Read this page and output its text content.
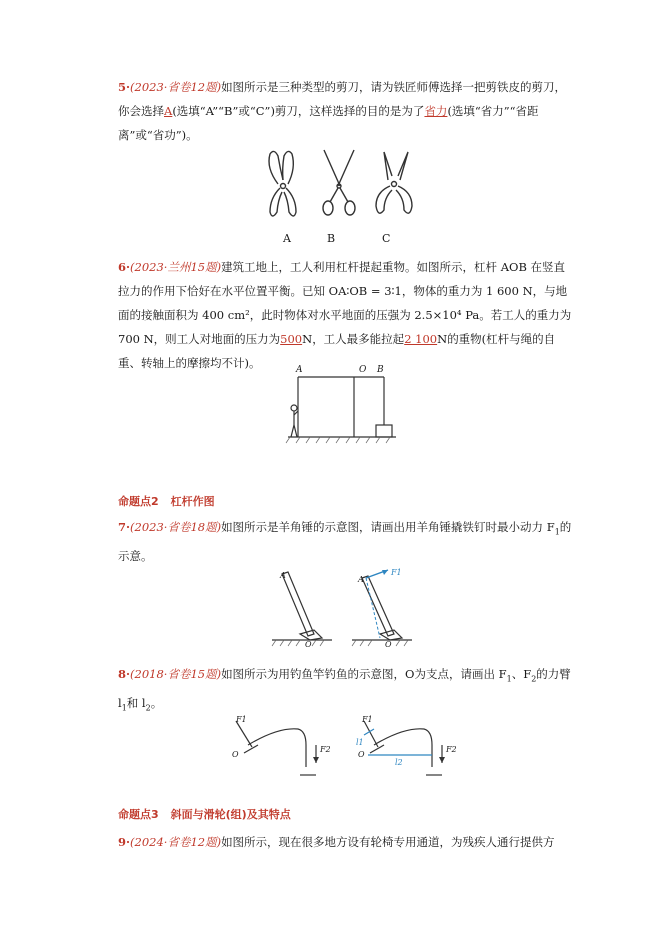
5·(2023·省卷12题)如图所示是三种类型的剪刀，请为铁匠师傅选择一把剪铁皮的剪刀，你会选择A(选填“A”“B”或“C”)剪刀，这样选择的目的是为了省力(选填“省力”“省距离”或“省功”)。
A	B	C
6·(2023·兰州15题)建筑工地上，工人利用杠杆提起重物。如图所示，杠杆 AOB 在竖直拉力的作用下恰好在水平位置平衡。已知 OA∶OB = 3∶1，物体的重力为 1 600 N，与地面的接触面积为 400 cm²，此时物体对水平地面的压强为 2.5×10⁴ Pa。若工人的重力为 700 N，则工人对地面的压力为500N，工人最多能拉起2 100N的重物(杠杆与绳的自重、转轴上的摩擦均不计)。	A	O B
命题点2 杠杆作图
7·(2023·省卷18题)如图所示是羊角锤的示意图，请画出用羊角锤撬铁钉时最小动力 $F_1$的示意。
A
O
A
F1
O
8·(2018·省卷15题)如图所示为用钓鱼竿钓鱼的示意图，O为支点，请画出 $F_1$、$F_2$的力臂 $l_1$和 $l_2$。
F1
O
F2
F1
l1
O
l2
F2
命题点3 斜面与滑轮(组)及其特点
9·(2024·省卷12题)如图所示，现在很多地方设有轮椅专用通道，为残疾人通行提供方
